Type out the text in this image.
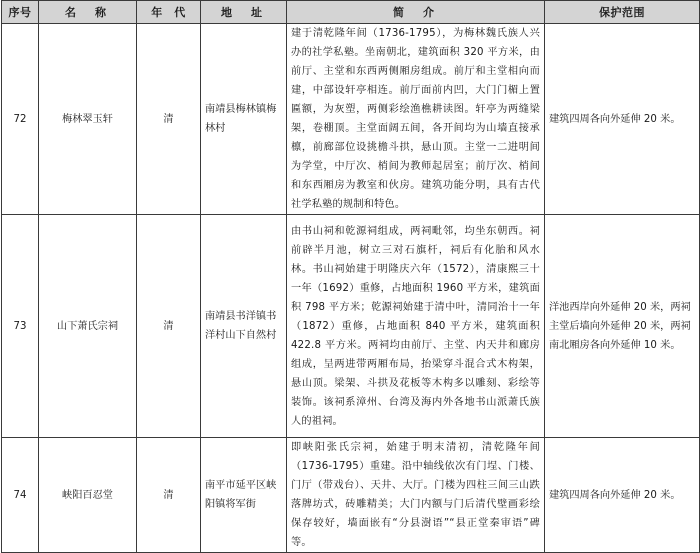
序号	名　称	年　代	地　址	简　介	保护范围
72	梅林翠玉轩	清	南靖县梅林镇梅林村	建于清乾隆年间（1736-1795），为梅林魏氏族人兴办的社学私塾。坐南朝北，建筑面积 320 平方米，由前厅、主堂和东西两侧厢房组成。前厅和主堂相向而建，中部设轩亭相连。前厅面前内凹，大门门楣上置匾额，为灰塑，两侧彩绘渔樵耕读图。轩亭为两缝梁架，卷棚顶。主堂面阔五间，各开间均为山墙直接承檩，前廊部位设挑檐斗拱，悬山顶。主堂一二进明间为学堂，中厅次、梢间为教师起居室；前厅次、梢间和东西厢房为教室和伙房。建筑功能分明，具有古代社学私塾的规制和特色。	建筑四周各向外延伸 20 米。
73	山下萧氏宗祠	清	南靖县书洋镇书洋村山下自然村	由书山祠和乾源祠组成，两祠毗邻，均坐东朝西。祠前辟半月池，树立三对石旗杆，祠后有化胎和风水林。书山祠始建于明隆庆六年（1572），清康熙三十一年（1692）重修，占地面积 1960 平方米，建筑面积 798 平方米；乾源祠始建于清中叶，清同治十一年（1872）重修，占地面积 840 平方米，建筑面积 422.8 平方米。两祠均由前厅、主堂、内天井和廊房组成，呈两进带两厢布局，抬梁穿斗混合式木构架，悬山顶。梁架、斗拱及花板等木构多以雕刻、彩绘等装饰。该祠系漳州、台湾及海内外各地书山派萧氏族人的祖祠。	洋池西岸向外延伸 20 米，两祠主堂后墙向外延伸 20 米，两祠南北厢房各向外延伸 10 米。
74	峡阳百忍堂	清	南平市延平区峡阳镇将军街	即峡阳张氏宗祠，始建于明末清初，清乾隆年间（1736-1795）重建。沿中轴线依次有门埕、门楼、门厅（带戏台）、天井、大厅。门楼为四柱三间三山跌落牌坊式，砖雕精美；大门内额与门后清代壁画彩绘保存较好，墙面嵌有“分县澍语”“县正堂秦审语”碑等。	建筑四周各向外延伸 20 米。
